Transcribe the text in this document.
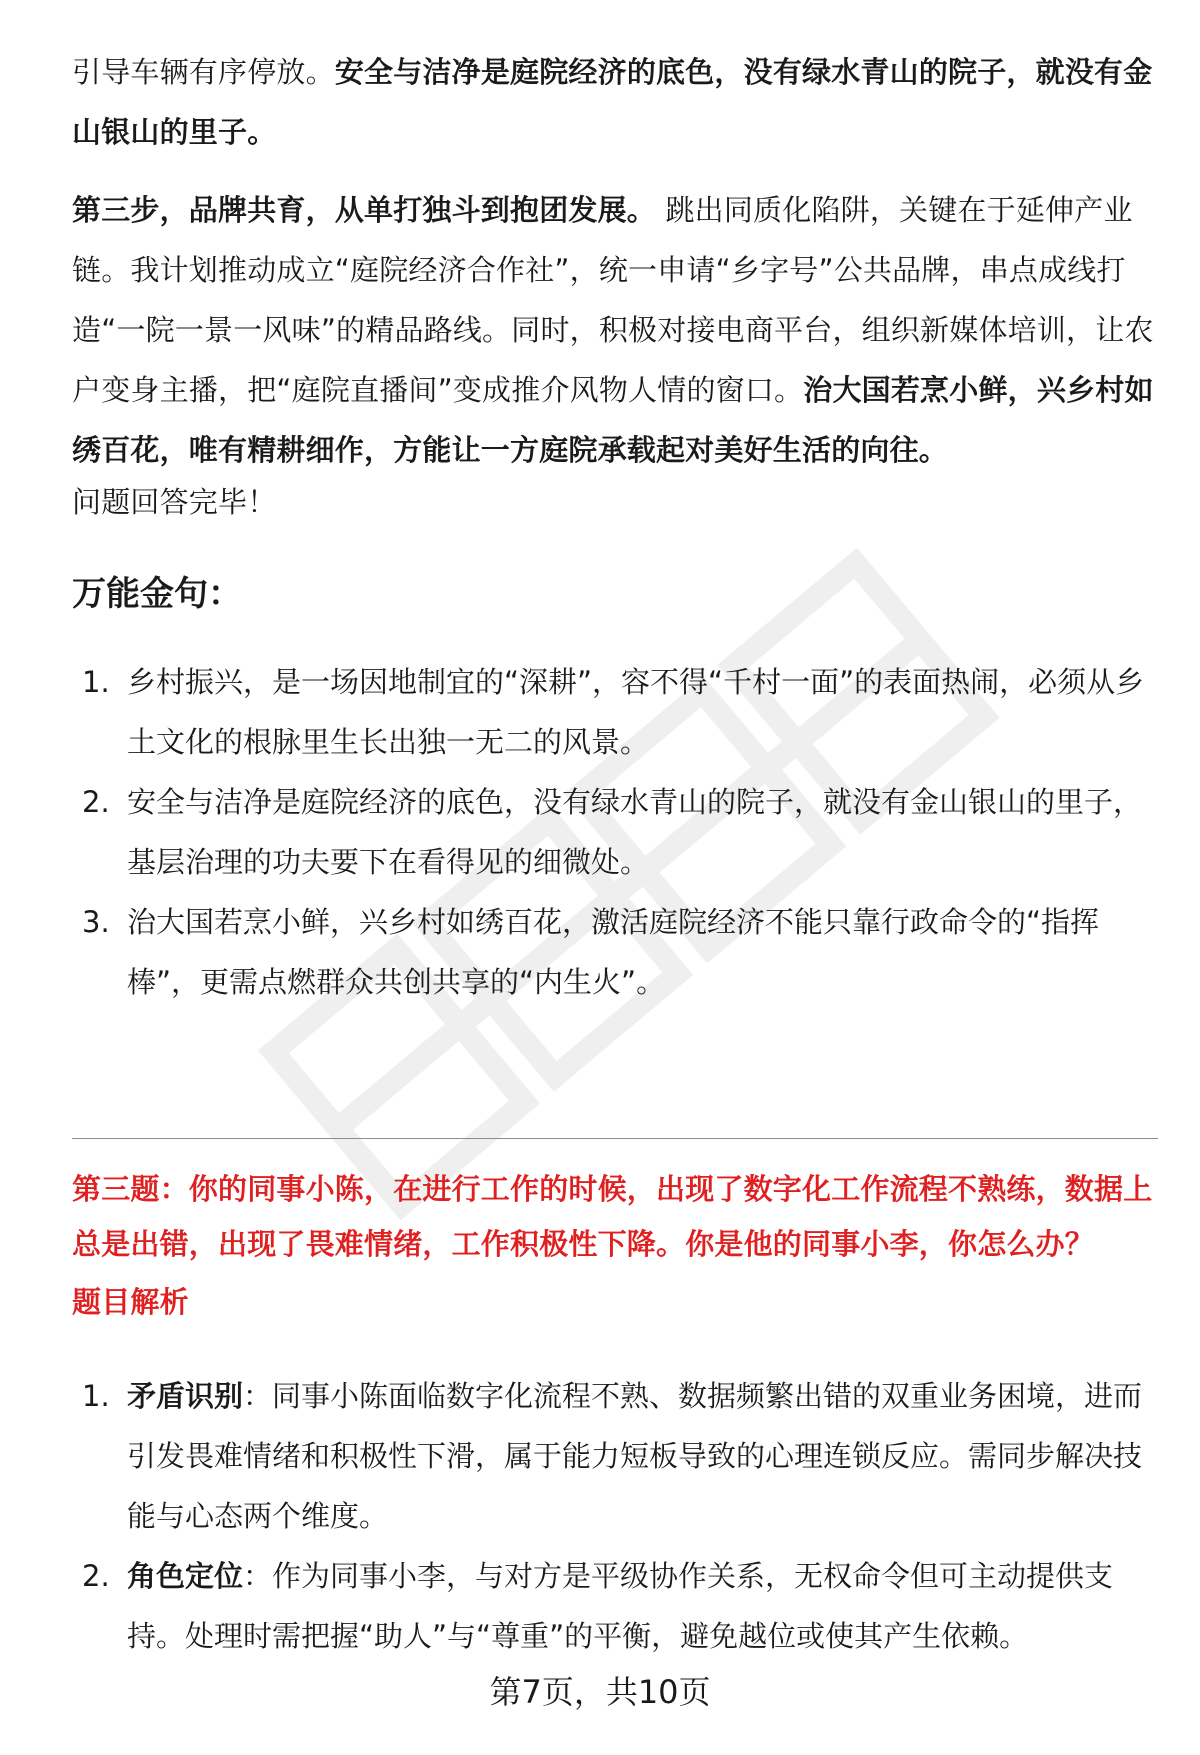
引导车辆有序停放。安全与洁净是庭院经济的底色，没有绿水青山的院子，就没有金山银山的里子。
第三步，品牌共育，从单打独斗到抱团发展。 跳出同质化陷阱，关键在于延伸产业链。我计划推动成立“庭院经济合作社”，统一申请“乡字号”公共品牌，串点成线打造“一院一景一风味”的精品路线。同时，积极对接电商平台，组织新媒体培训，让农户变身主播，把“庭院直播间”变成推介风物人情的窗口。治大国若烹小鲜，兴乡村如绣百花，唯有精耕细作，方能让一方庭院承载起对美好生活的向往。
问题回答完毕！
万能金句：
1. 乡村振兴，是一场因地制宜的“深耕”，容不得“千村一面”的表面热闹，必须从乡土文化的根脉里生长出独一无二的风景。
2. 安全与洁净是庭院经济的底色，没有绿水青山的院子，就没有金山银山的里子，基层治理的功夫要下在看得见的细微处。
3. 治大国若烹小鲜，兴乡村如绣百花，激活庭院经济不能只靠行政命令的“指挥棒”，更需点燃群众共创共享的“内生火”。
第三题：你的同事小陈，在进行工作的时候，出现了数字化工作流程不熟练，数据上总是出错，出现了畏难情绪，工作积极性下降。你是他的同事小李，你怎么办？
题目解析
1. 矛盾识别：同事小陈面临数字化流程不熟、数据频繁出错的双重业务困境，进而引发畏难情绪和积极性下滑，属于能力短板导致的心理连锁反应。需同步解决技能与心态两个维度。
2. 角色定位：作为同事小李，与对方是平级协作关系，无权命令但可主动提供支持。处理时需把握“助人”与“尊重”的平衡，避免越位或使其产生依赖。
第7页，共10页
